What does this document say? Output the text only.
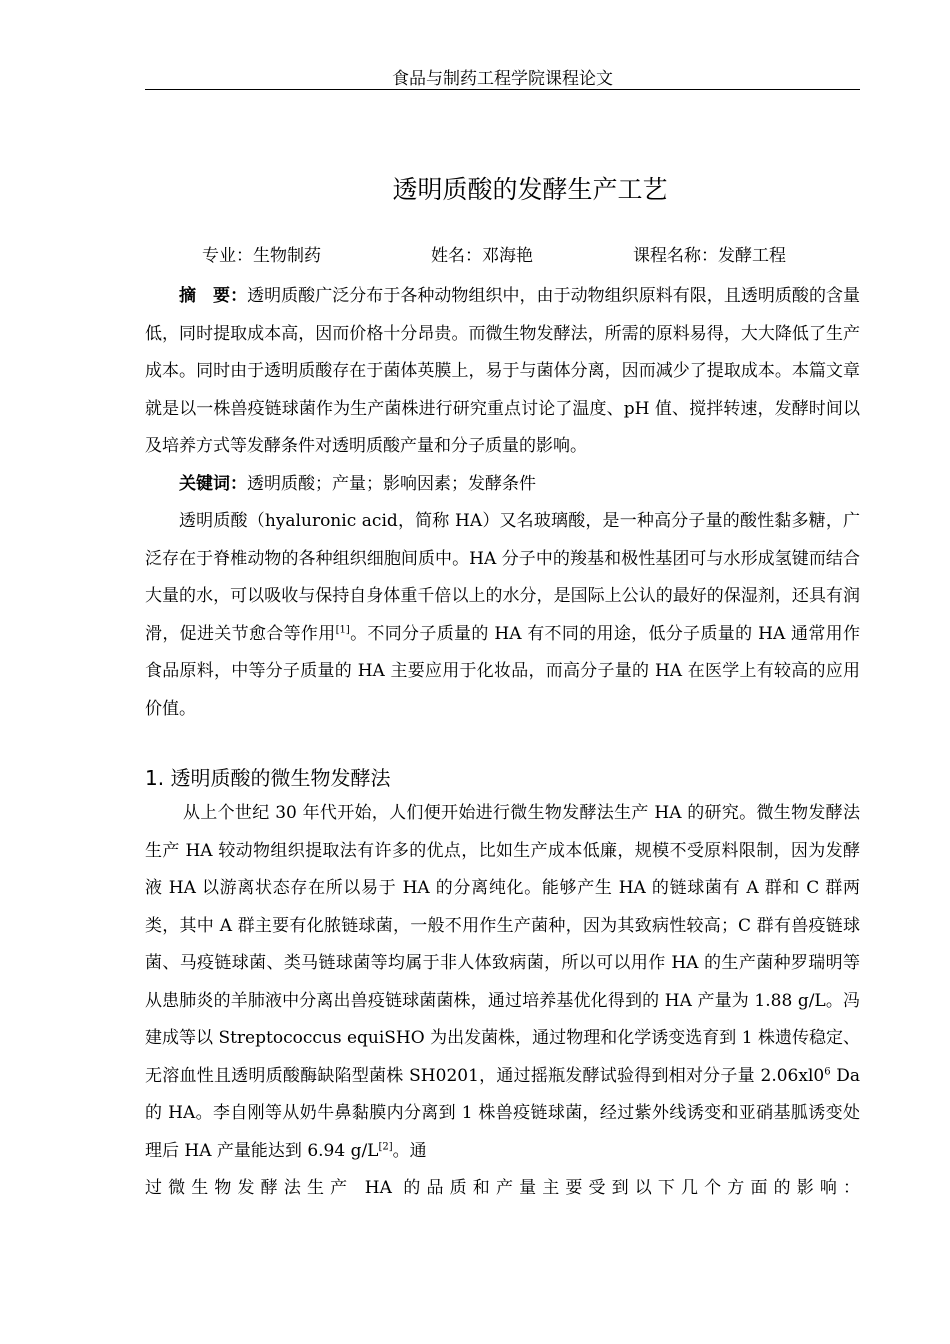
食品与制药工程学院课程论文
透明质酸的发酵生产工艺
专业：生物制药	姓名：邓海艳	课程名称：发酵工程

摘　要：透明质酸广泛分布于各种动物组织中，由于动物组织原料有限，且透明质酸的含量低，同时提取成本高，因而价格十分昂贵。而微生物发酵法，所需的原料易得，大大降低了生产成本。同时由于透明质酸存在于菌体英膜上，易于与菌体分离，因而减少了提取成本。本篇文章就是以一株兽疫链球菌作为生产菌株进行研究重点讨论了温度、pH 值、搅拌转速，发酵时间以及培养方式等发酵条件对透明质酸产量和分子质量的影响。

关键词：透明质酸；产量；影响因素；发酵条件

透明质酸（hyaluronic acid，简称 HA）又名玻璃酸，是一种高分子量的酸性黏多糖，广泛存在于脊椎动物的各种组织细胞间质中。HA 分子中的羧基和极性基团可与水形成氢键而结合大量的水，可以吸收与保持自身体重千倍以上的水分，是国际上公认的最好的保湿剂，还具有润滑，促进关节愈合等作用[1]。不同分子质量的 HA 有不同的用途，低分子质量的 HA 通常用作食品原料，中等分子质量的 HA 主要应用于化妆品，而高分子量的 HA 在医学上有较高的应用价值。

1. 透明质酸的微生物发酵法

从上个世纪 30 年代开始，人们便开始进行微生物发酵法生产 HA 的研究。微生物发酵法生产 HA 较动物组织提取法有许多的优点，比如生产成本低廉，规模不受原料限制，因为发酵液 HA 以游离状态存在所以易于 HA 的分离纯化。能够产生 HA 的链球菌有 A 群和 C 群两类，其中 A 群主要有化脓链球菌，一般不用作生产菌种，因为其致病性较高；C 群有兽疫链球菌、马疫链球菌、类马链球菌等均属于非人体致病菌，所以可以用作 HA 的生产菌种罗瑞明等从患肺炎的羊肺液中分离出兽疫链球菌菌株，通过培养基优化得到的 HA 产量为 1.88 g/L。冯建成等以 Streptococcus equiSHO 为出发菌株，通过物理和化学诱变选育到 1 株遗传稳定、无溶血性且透明质酸酶缺陷型菌株 SH0201，通过摇瓶发酵试验得到相对分子量 $2.06xl0^6$ Da 的 HA。李自刚等从奶牛鼻黏膜内分离到 1 株兽疫链球菌，经过紫外线诱变和亚硝基胍诱变处理后 HA 产量能达到 6.94 g/L[2]。通

过微生物发酵法生产 HA 的品质和产量主要受到以下几个方面的影响：
